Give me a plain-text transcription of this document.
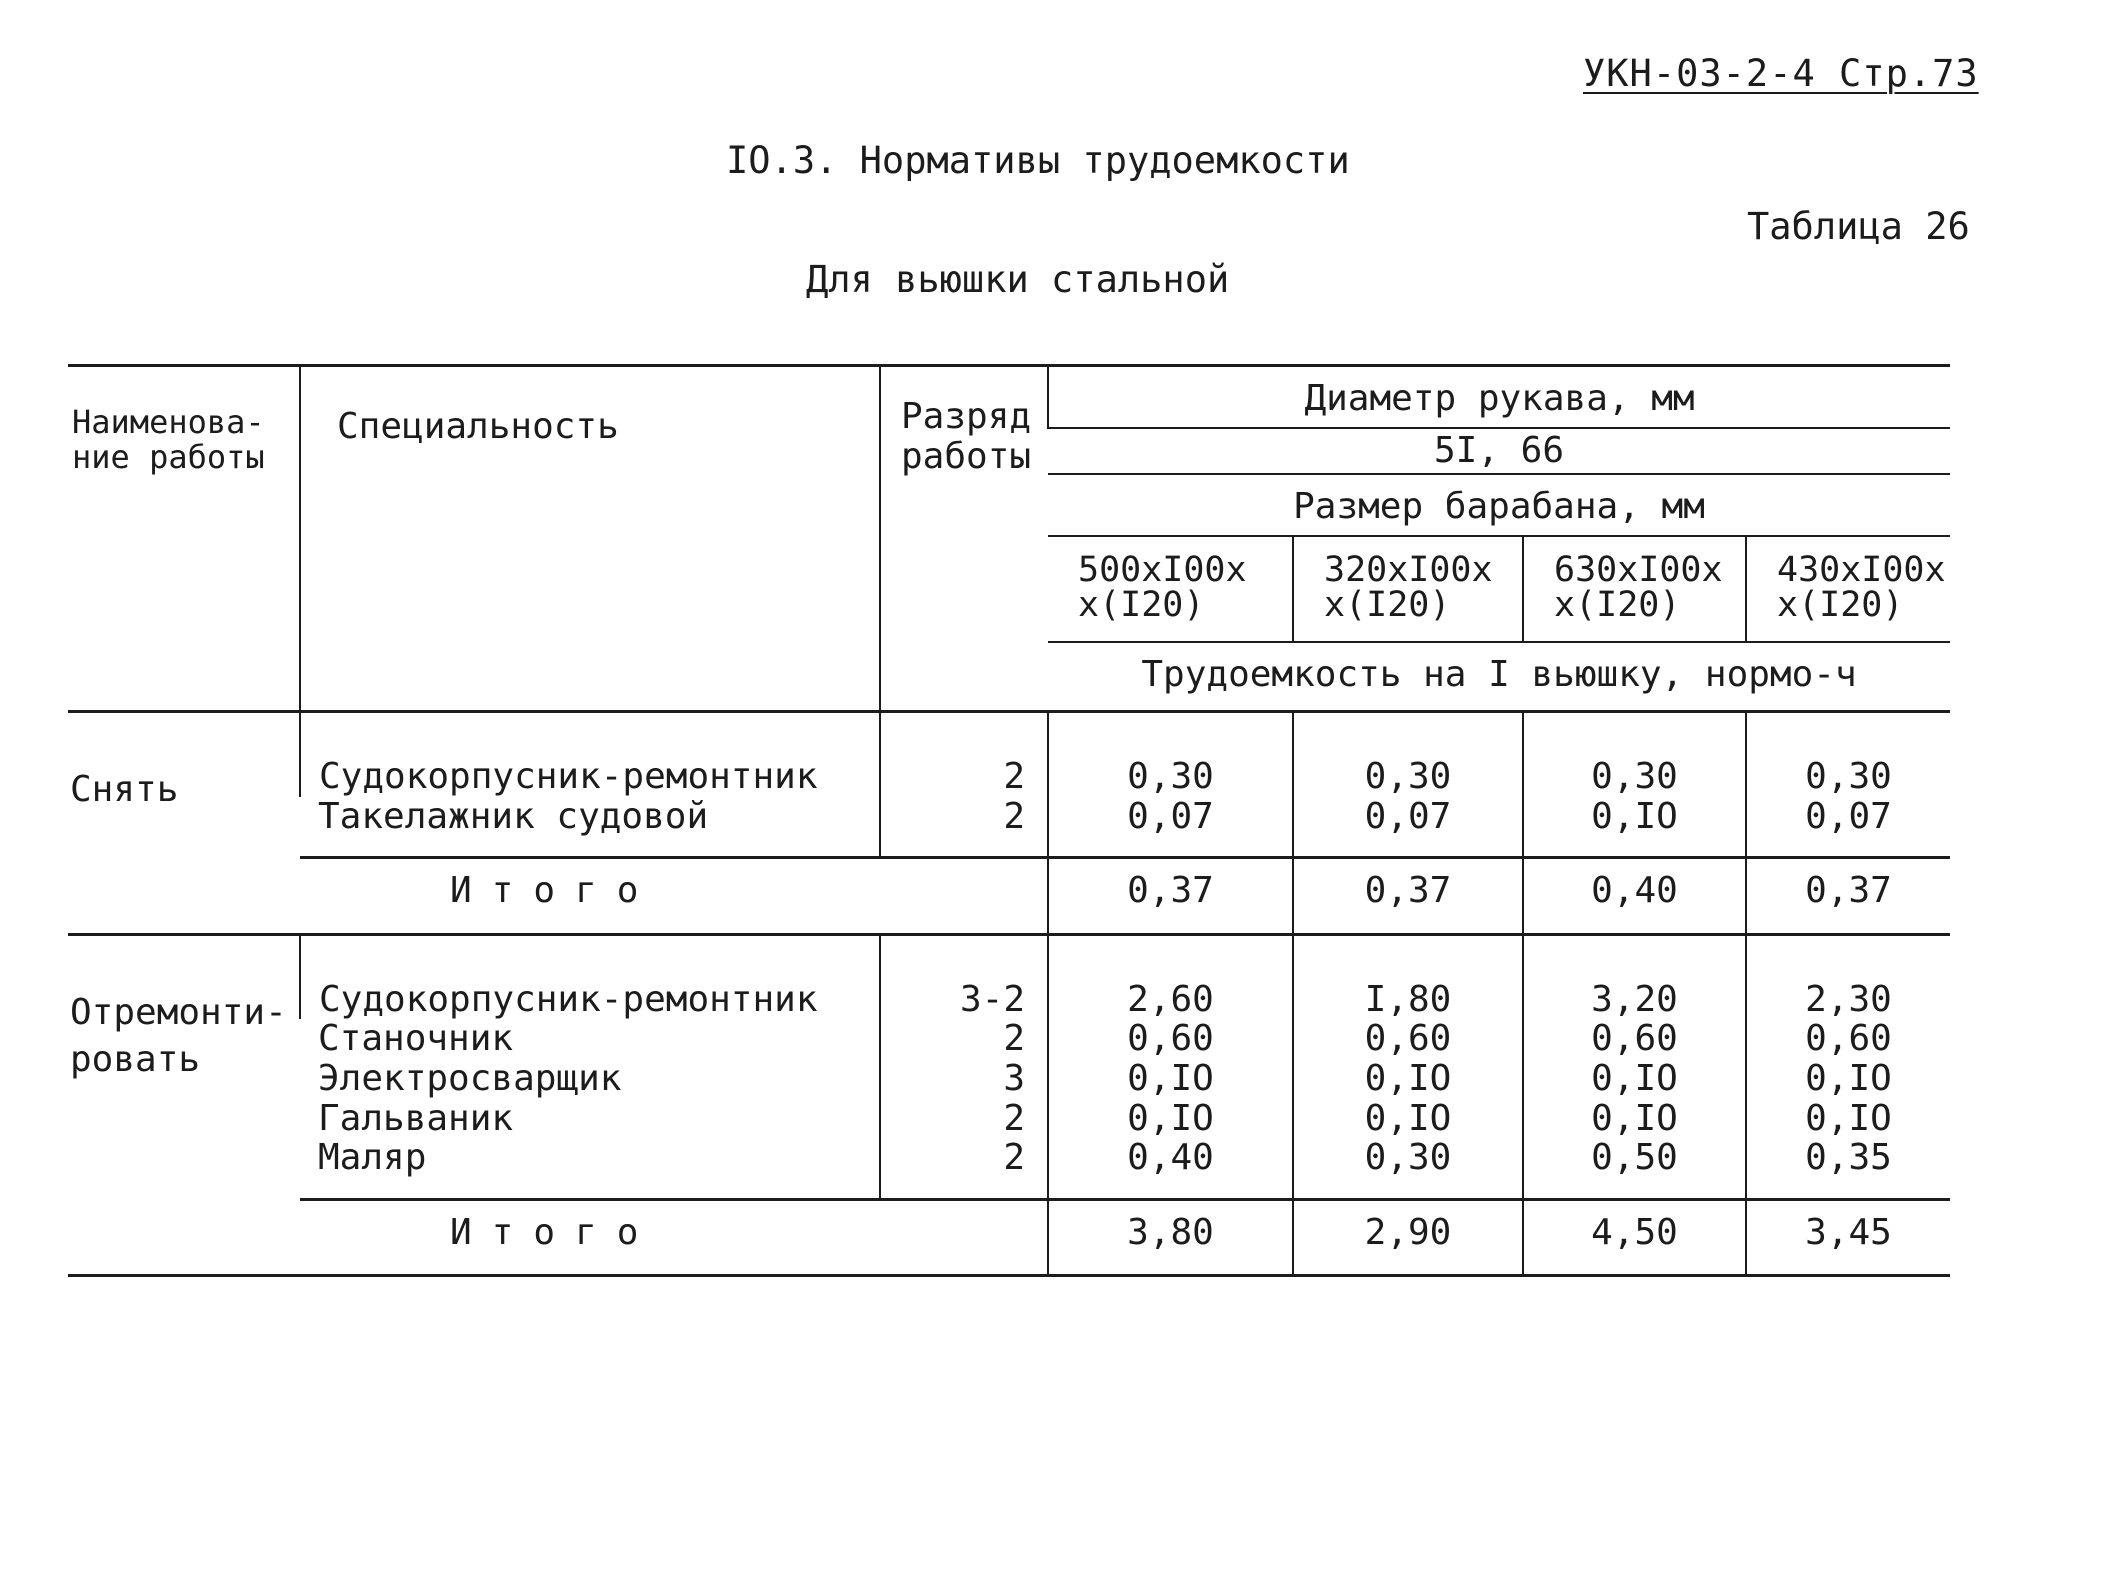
УКН-03-2-4 Стр.73
IO.3. Нормативы трудоемкости
Таблица 26
Для вьюшки стальной
Наименова-ние работы	Специальность	Разряд работы	Диаметр рукава, мм			
			5I, 66			
			Размер барабана, мм			
			500xI00x x(I20)	320xI00x x(I20)	630xI00x x(I20)	430xI00x x(I20)
			Трудоемкость на I вьюшку, нормо-ч			
Снять	Судокорпусник-ремонтник	2	0,30	0,30	0,30	0,30
	Такелажник судовой	2	0,07	0,07	0,IO	0,07
	Итого		0,37	0,37	0,40	0,37
Отремонти-ровать	Судокорпусник-ремонтник	3-2	2,60	I,80	3,20	2,30
	Станочник	2	0,60	0,60	0,60	0,60
	Электросварщик	3	0,IO	0,IO	0,IO	0,IO
	Гальваник	2	0,IO	0,IO	0,IO	0,IO
	Маляр	2	0,40	0,30	0,50	0,35
	Итого		3,80	2,90	4,50	3,45
